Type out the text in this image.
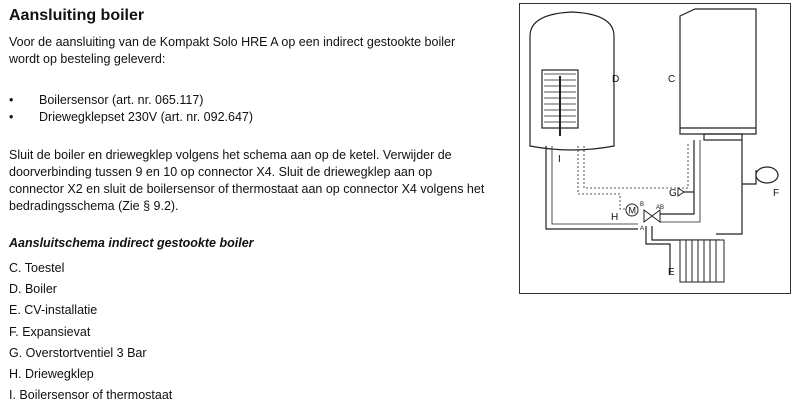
Aansluiting boiler
Voor de aansluiting van de Kompakt Solo HRE A op een indirect gestookte boiler wordt op besteling geleverd:
• Boilersensor (art. nr. 065.117)
• Driewegklepset 230V (art. nr. 092.647)
Sluit de boiler en driewegklep volgens het schema aan op de ketel. Verwijder de doorverbinding tussen 9 en 10 op connector X4. Sluit de driewegklep aan op connector X2 en sluit de boilersensor of thermostaat aan op connector X4 volgens het bedradingsschema (Zie § 9.2).
Aansluitschema indirect gestookte boiler
C. Toestel
D. Boiler
E. CV-installatie
F. Expansievat
G. Overstortventiel 3 Bar
H. Driewegklep
I. Boilersensor of thermostaat
M
B
A
AB
D	C
I
G	F
H
E
